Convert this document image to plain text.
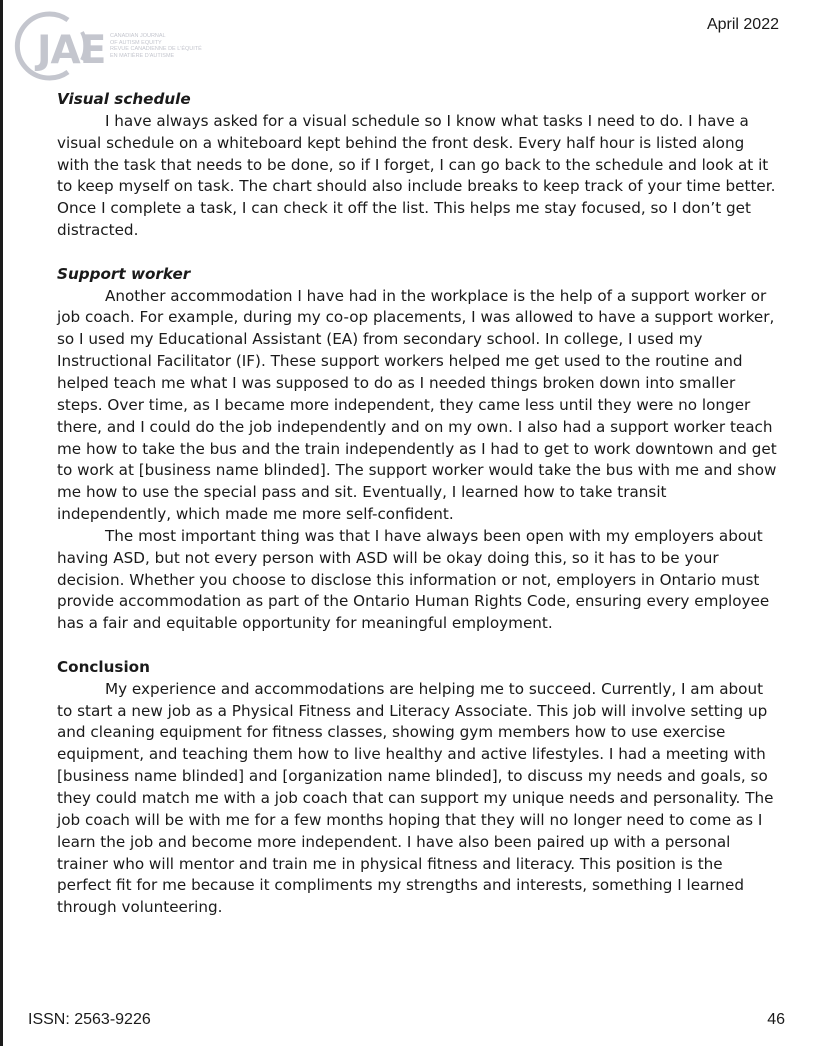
JAE CANADIAN JOURNAL
OF AUTISM EQUITY
REVUE CANADIENNE DE L'ÉQUITÉ
EN MATIÈRE D'AUTISME
April 2022

Visual schedule

I have always asked for a visual schedule so I know what tasks I need to do. I have a visual schedule on a whiteboard kept behind the front desk. Every half hour is listed along with the task that needs to be done, so if I forget, I can go back to the schedule and look at it to keep myself on task. The chart should also include breaks to keep track of your time better. Once I complete a task, I can check it off the list. This helps me stay focused, so I don’t get distracted.

Support worker

Another accommodation I have had in the workplace is the help of a support worker or job coach. For example, during my co-op placements, I was allowed to have a support worker, so I used my Educational Assistant (EA) from secondary school. In college, I used my Instructional Facilitator (IF). These support workers helped me get used to the routine and helped teach me what I was supposed to do as I needed things broken down into smaller steps. Over time, as I became more independent, they came less until they were no longer there, and I could do the job independently and on my own. I also had a support worker teach me how to take the bus and the train independently as I had to get to work downtown and get to work at [business name blinded]. The support worker would take the bus with me and show me how to use the special pass and sit. Eventually, I learned how to take transit independently, which made me more self-confident.

The most important thing was that I have always been open with my employers about having ASD, but not every person with ASD will be okay doing this, so it has to be your decision. Whether you choose to disclose this information or not, employers in Ontario must provide accommodation as part of the Ontario Human Rights Code, ensuring every employee has a fair and equitable opportunity for meaningful employment.

Conclusion

My experience and accommodations are helping me to succeed. Currently, I am about to start a new job as a Physical Fitness and Literacy Associate. This job will involve setting up and cleaning equipment for fitness classes, showing gym members how to use exercise equipment, and teaching them how to live healthy and active lifestyles. I had a meeting with [business name blinded] and [organization name blinded], to discuss my needs and goals, so they could match me with a job coach that can support my unique needs and personality. The job coach will be with me for a few months hoping that they will no longer need to come as I learn the job and become more independent. I have also been paired up with a personal trainer who will mentor and train me in physical fitness and literacy. This position is the perfect fit for me because it compliments my strengths and interests, something I learned through volunteering.

ISSN: 2563-9226	46
